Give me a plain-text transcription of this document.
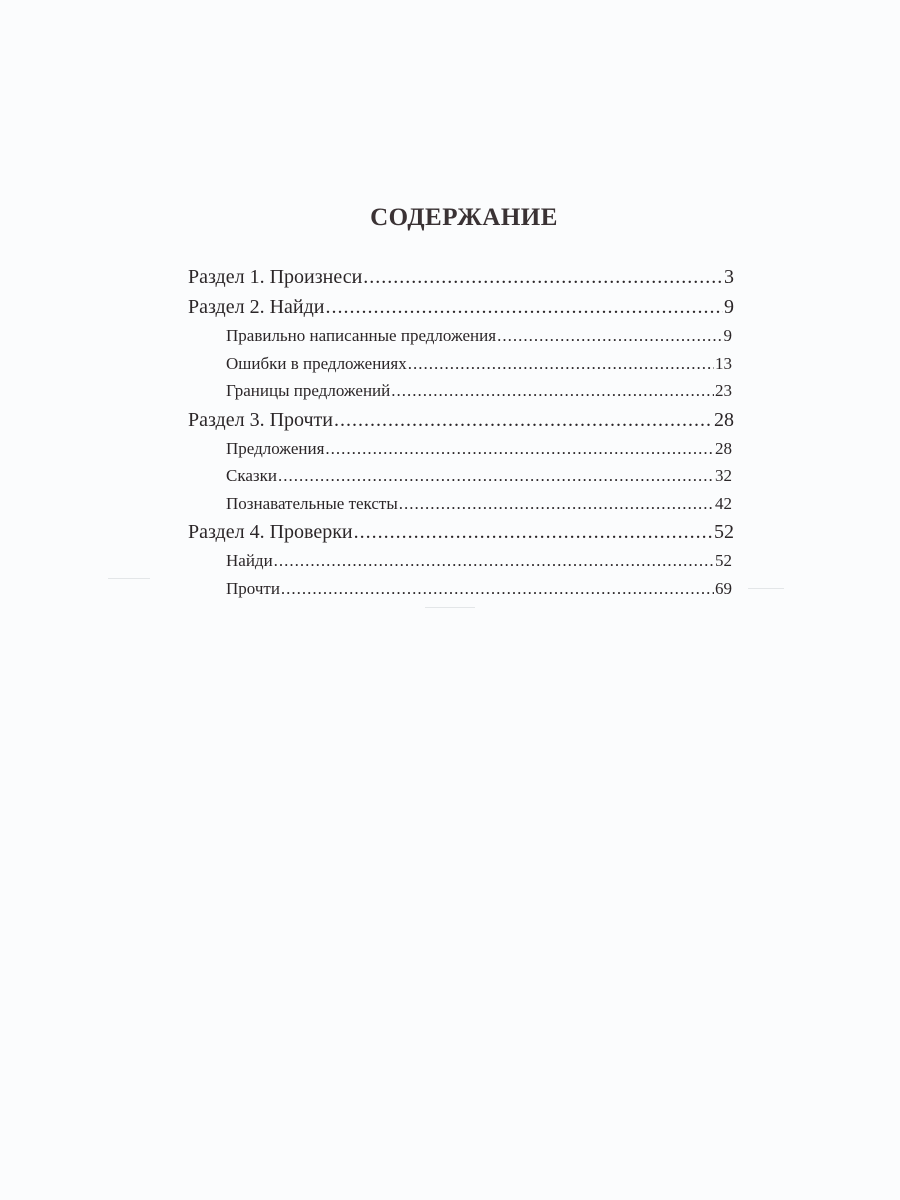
СОДЕРЖАНИЕ
Раздел 1. Произнеси .....	3
Раздел 2. Найди .....	9
Правильно написанные предложения .....	9
Ошибки в предложениях .....	13
Границы предложений .....	23
Раздел 3. Прочти .....	28
Предложения .....	28
Сказки .....	32
Познавательные тексты .....	42
Раздел 4. Проверки .....	52
Найди .....	52
Прочти .....	69
